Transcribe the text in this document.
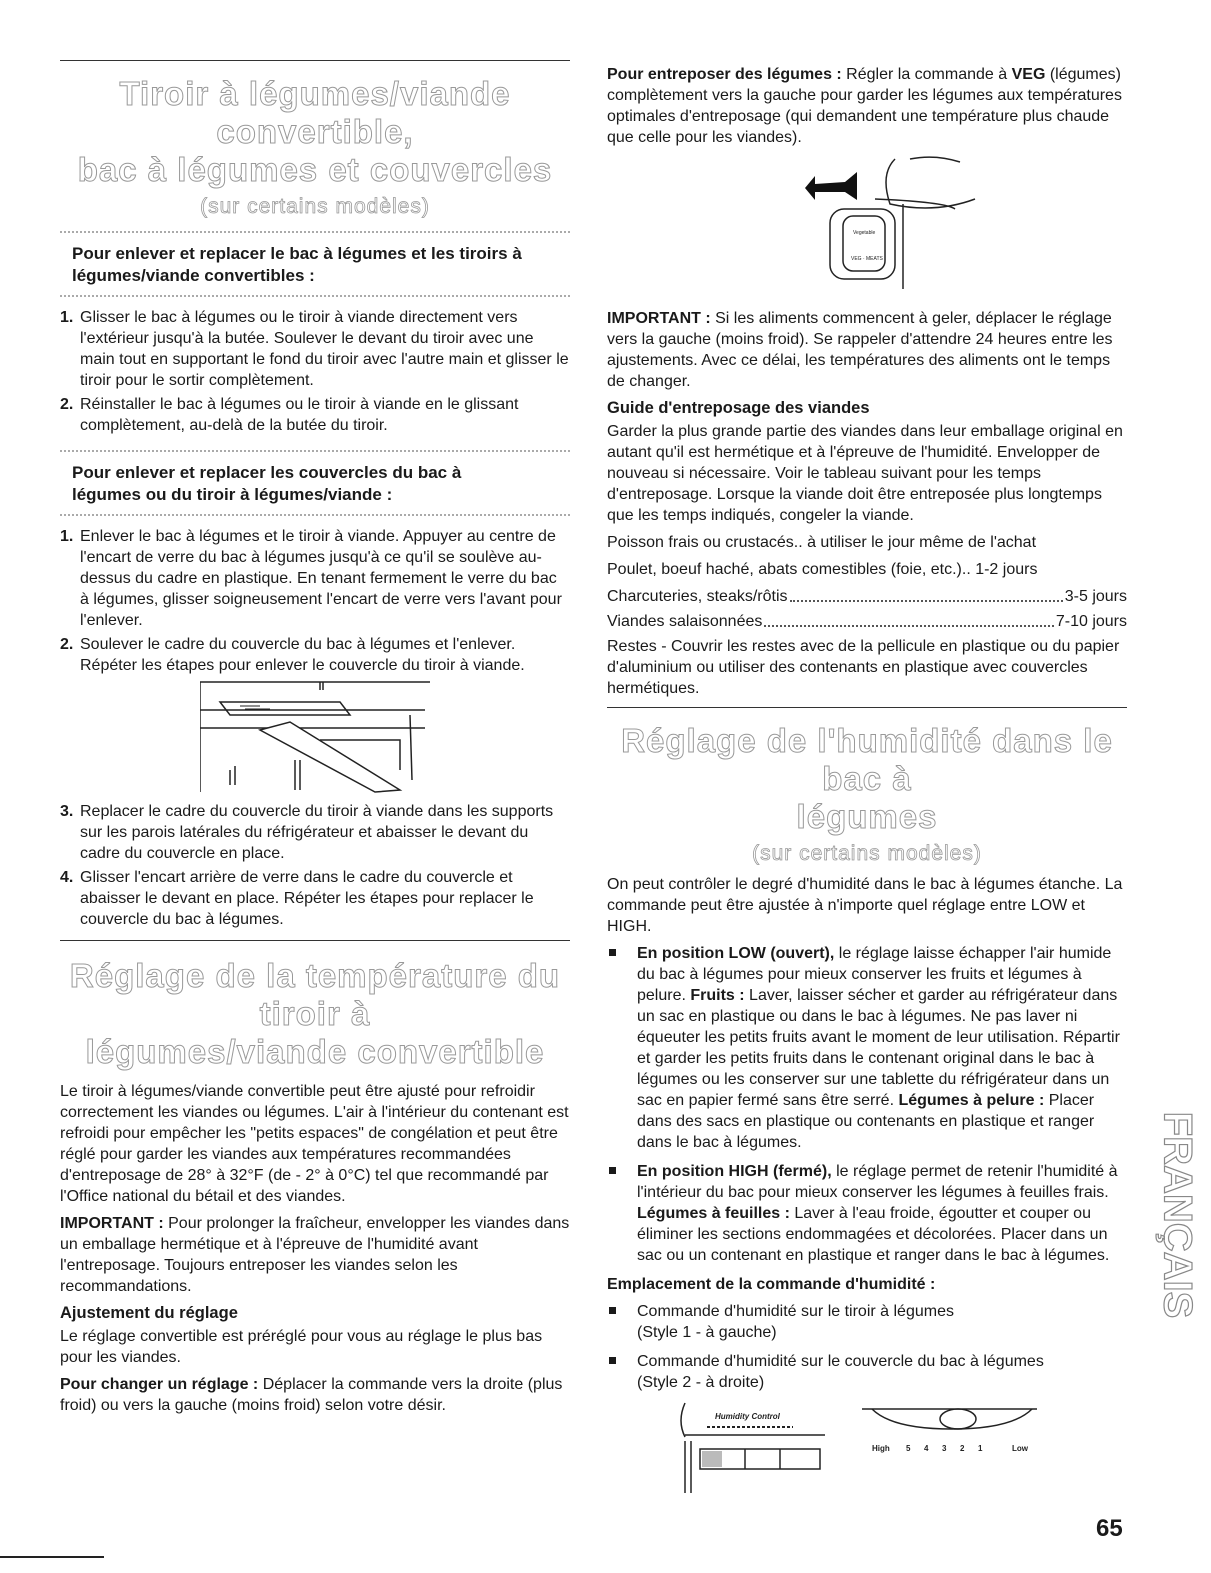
Tiroir à légumes/viande convertible,
bac à légumes et couvercles
(sur certains modèles)

Pour enlever et replacer le bac à légumes et les tiroirs à légumes/viande convertibles :

1. Glisser le bac à légumes ou le tiroir à viande directement vers l'extérieur jusqu'à la butée. Soulever le devant du tiroir avec une main tout en supportant le fond du tiroir avec l'autre main et glisser le tiroir pour le sortir complètement.
2. Réinstaller le bac à légumes ou le tiroir à viande en le glissant complètement, au-delà de la butée du tiroir.

Pour enlever et replacer les couvercles du bac à légumes ou du tiroir à légumes/viande :

1. Enlever le bac à légumes et le tiroir à viande. Appuyer au centre de l'encart de verre du bac à légumes jusqu'à ce qu'il se soulève au-dessus du cadre en plastique. En tenant fermement le verre du bac à légumes, glisser soigneusement l'encart de verre vers l'avant pour l'enlever.
2. Soulever le cadre du couvercle du bac à légumes et l'enlever. Répéter les étapes pour enlever le couvercle du tiroir à viande.
3. Replacer le cadre du couvercle du tiroir à viande dans les supports sur les parois latérales du réfrigérateur et abaisser le devant du cadre du couvercle en place.
4. Glisser l'encart arrière de verre dans le cadre du couvercle et abaisser le devant en place. Répéter les étapes pour replacer le couvercle du bac à légumes.
Réglage de la température du tiroir à
légumes/viande convertible

Le tiroir à légumes/viande convertible peut être ajusté pour refroidir correctement les viandes ou légumes. L'air à l'intérieur du contenant est refroidi pour empêcher les "petits espaces" de congélation et peut être réglé pour garder les viandes aux températures recommandées d'entreposage de 28° à 32°F (de - 2° à 0°C) tel que recommandé par l'Office national du bétail et des viandes.

IMPORTANT : Pour prolonger la fraîcheur, envelopper les viandes dans un emballage hermétique et à l'épreuve de l'humidité avant l'entreposage. Toujours entreposer les viandes selon les recommandations.

Ajustement du réglage

Le réglage convertible est préréglé pour vous au réglage le plus bas pour les viandes.

Pour changer un réglage : Déplacer la commande vers la droite (plus froid) ou vers la gauche (moins froid) selon votre désir.

Pour entreposer des légumes : Régler la commande à VEG (légumes) complètement vers la gauche pour garder les légumes aux températures optimales d'entreposage (qui demandent une température plus chaude que celle pour les viandes).

Vegetable
VEG · MEATS

IMPORTANT : Si les aliments commencent à geler, déplacer le réglage vers la gauche (moins froid). Se rappeler d'attendre 24 heures entre les ajustements. Avec ce délai, les températures des aliments ont le temps de changer.

Guide d'entreposage des viandes

Garder la plus grande partie des viandes dans leur emballage original en autant qu'il est hermétique et à l'épreuve de l'humidité. Envelopper de nouveau si nécessaire. Voir le tableau suivant pour les temps d'entreposage. Lorsque la viande doit être entreposée plus longtemps que les temps indiqués, congeler la viande.

Poisson frais ou crustacés.. à utiliser le jour même de l'achat

Poulet, boeuf haché, abats comestibles (foie, etc.).. 1-2 jours

Charcuteries, steaks/rôtis	3-5 jours
Viandes salaisonnées	7-10 jours

Restes - Couvrir les restes avec de la pellicule en plastique ou du papier d'aluminium ou utiliser des contenants en plastique avec couvercles hermétiques.

Réglage de l'humidité dans le bac à
légumes
(sur certains modèles)

On peut contrôler le degré d'humidité dans le bac à légumes étanche. La commande peut être ajustée à n'importe quel réglage entre LOW et HIGH.

En position LOW (ouvert), le réglage laisse échapper l'air humide du bac à légumes pour mieux conserver les fruits et légumes à pelure. Fruits : Laver, laisser sécher et garder au réfrigérateur dans un sac en plastique ou dans le bac à légumes. Ne pas laver ni équeuter les petits fruits avant le moment de leur utilisation. Répartir et garder les petits fruits dans le contenant original dans le bac à légumes ou les conserver sur une tablette du réfrigérateur dans un sac en papier fermé sans être serré. Légumes à pelure : Placer dans des sacs en plastique ou contenants en plastique et ranger dans le bac à légumes.
En position HIGH (fermé), le réglage permet de retenir l'humidité à l'intérieur du bac pour mieux conserver les légumes à feuilles frais. Légumes à feuilles : Laver à l'eau froide, égoutter et couper ou éliminer les sections endommagées et décolorées. Placer dans un sac ou un contenant en plastique et ranger dans le bac à légumes.

Emplacement de la commande d'humidité :

Commande d'humidité sur le tiroir à légumes
(Style 1 - à gauche)
Commande d'humidité sur le couvercle du bac à légumes
(Style 2 - à droite)
Humidity Control
High 5 4 3 2 1	Low
FRANÇAIS
65
